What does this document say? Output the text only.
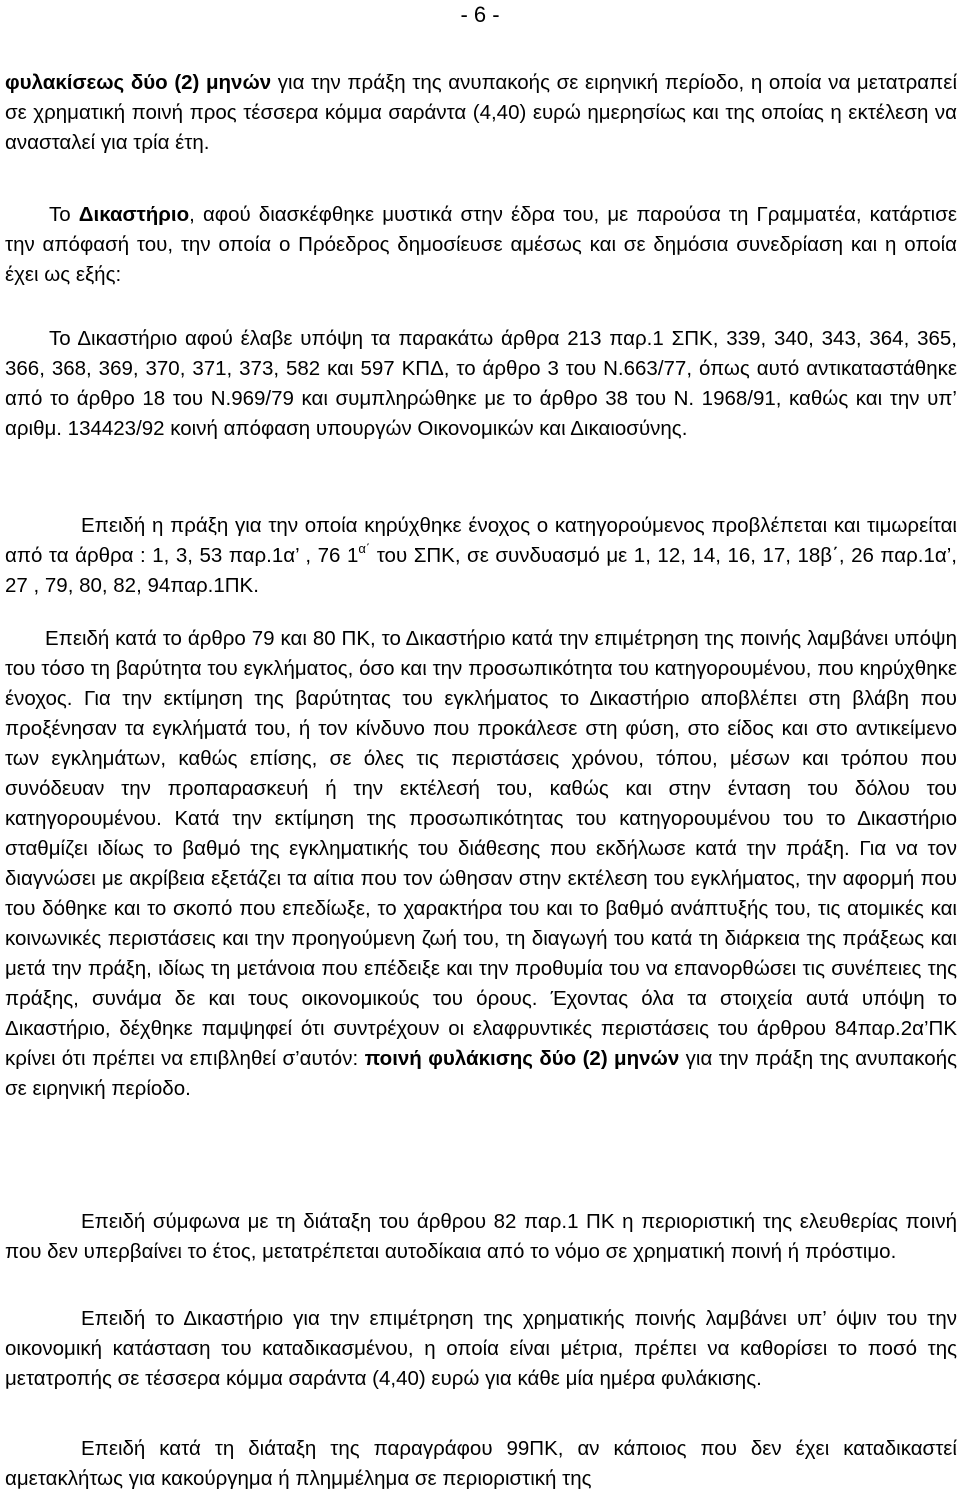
- 6 -

φυλακίσεως δύο (2) μηνών για την πράξη της ανυπακοής σε ειρηνική περίοδο, η οποία να μετατραπεί σε χρηματική ποινή προς τέσσερα κόμμα σαράντα (4,40) ευρώ ημερησίως και της οποίας η εκτέλεση να ανασταλεί για τρία έτη.

Το Δικαστήριο, αφού διασκέφθηκε μυστικά στην έδρα του, με παρούσα τη Γραμματέα, κατάρτισε την απόφασή του, την οποία ο Πρόεδρος δημοσίευσε αμέσως και σε δημόσια συνεδρίαση και η οποία έχει ως εξής:

Το Δικαστήριο αφού έλαβε υπόψη τα παρακάτω άρθρα 213 παρ.1 ΣΠΚ, 339, 340, 343, 364, 365, 366, 368, 369, 370, 371, 373, 582 και 597 ΚΠΔ, το άρθρο 3 του Ν.663/77, όπως αυτό αντικαταστάθηκε από το άρθρο 18 του Ν.969/79 και συμπληρώθηκε με το άρθρο 38 του Ν. 1968/91, καθώς και την υπ’ αριθμ. 134423/92 κοινή απόφαση υπουργών Οικονομικών και Δικαιοσύνης.

Επειδή η πράξη για την οποία κηρύχθηκε ένοχος ο κατηγορούμενος προβλέπεται και τιμωρείται από τα άρθρα : 1, 3, 53 παρ.1α’ , 76 $1^{\alpha΄}$ του ΣΠΚ, σε συνδυασμό με 1, 12, 14, 16, 17, 18β΄, 26 παρ.1α’, 27 , 79, 80, 82, 94παρ.1ΠΚ.

Επειδή κατά το άρθρο 79 και 80 ΠΚ, το Δικαστήριο κατά την επιμέτρηση της ποινής λαμβάνει υπόψη του τόσο τη βαρύτητα του εγκλήματος, όσο και την προσωπικότητα του κατηγορουμένου, που κηρύχθηκε ένοχος. Για την εκτίμηση της βαρύτητας του εγκλήματος το Δικαστήριο αποβλέπει στη βλάβη που προξένησαν τα εγκλήματά του, ή τον κίνδυνο που προκάλεσε στη φύση, στο είδος και στο αντικείμενο των εγκλημάτων, καθώς επίσης, σε όλες τις περιστάσεις χρόνου, τόπου, μέσων και τρόπου που συνόδευαν την προπαρασκευή ή την εκτέλεσή του, καθώς και στην ένταση του δόλου του κατηγορουμένου. Κατά την εκτίμηση της προσωπικότητας του κατηγορουμένου του το Δικαστήριο σταθμίζει ιδίως το βαθμό της εγκληματικής του διάθεσης που εκδήλωσε κατά την πράξη. Για να τον διαγνώσει με ακρίβεια εξετάζει τα αίτια που τον ώθησαν στην εκτέλεση του εγκλήματος, την αφορμή που του δόθηκε και το σκοπό που επεδίωξε, το χαρακτήρα του και το βαθμό ανάπτυξής του, τις ατομικές και κοινωνικές περιστάσεις και την προηγούμενη ζωή του, τη διαγωγή του κατά τη διάρκεια της πράξεως και μετά την πράξη, ιδίως τη μετάνοια που επέδειξε και την προθυμία του να επανορθώσει τις συνέπειες της πράξης, συνάμα δε και τους οικονομικούς του όρους. Έχοντας όλα τα στοιχεία αυτά υπόψη το Δικαστήριο, δέχθηκε παμψηφεί ότι συντρέχουν οι ελαφρυντικές περιστάσεις του άρθρου 84παρ.2α’ΠΚ κρίνει ότι πρέπει να επιβληθεί σ’αυτόν: ποινή φυλάκισης δύο (2) μηνών για την πράξη της ανυπακοής σε ειρηνική περίοδο.

Επειδή σύμφωνα με τη διάταξη του άρθρου 82 παρ.1 ΠΚ η περιοριστική της ελευθερίας ποινή που δεν υπερβαίνει το έτος, μετατρέπεται αυτοδίκαια από το νόμο σε χρηματική ποινή ή πρόστιμο.

Επειδή το Δικαστήριο για την επιμέτρηση της χρηματικής ποινής λαμβάνει υπ’ όψιν του την οικονομική κατάσταση του καταδικασμένου, η οποία είναι μέτρια, πρέπει να καθορίσει το ποσό της μετατροπής σε τέσσερα κόμμα σαράντα (4,40) ευρώ για κάθε μία ημέρα φυλάκισης.

Επειδή κατά τη διάταξη της παραγράφου 99ΠΚ, αν κάποιος που δεν έχει καταδικαστεί αμετακλήτως για κακούργημα ή πλημμέλημα σε περιοριστική της
